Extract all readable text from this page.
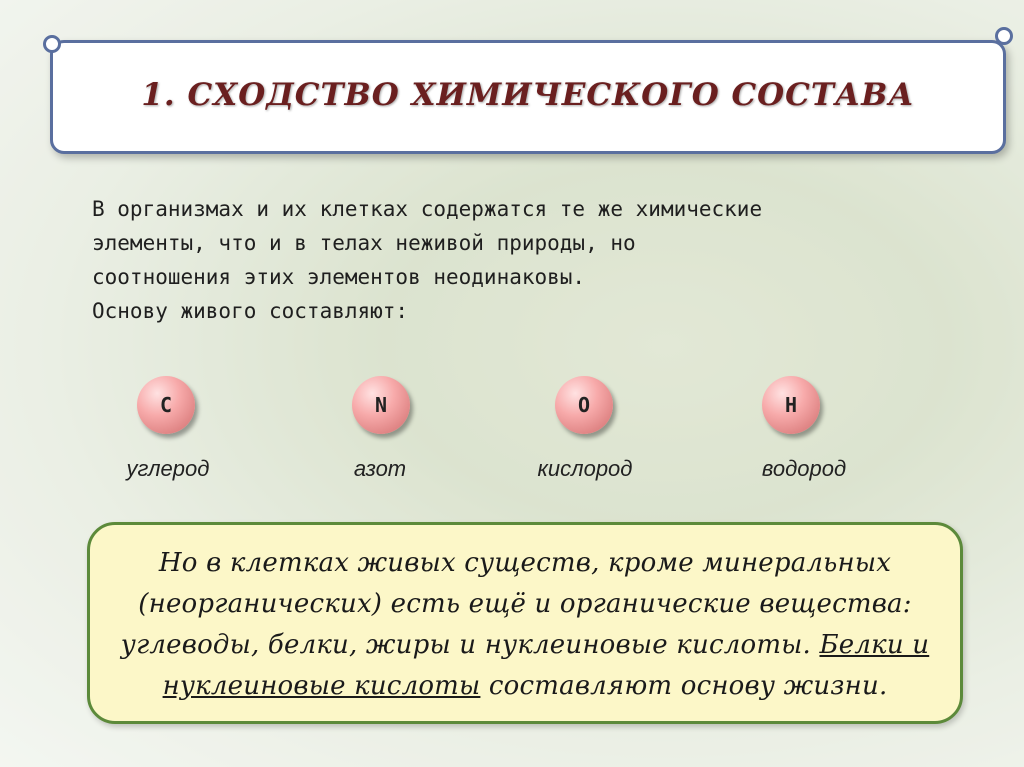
1. СХОДСТВО ХИМИЧЕСКОГО СОСТАВА

В организмах и их клетках содержатся те же химические

элементы, что и в телах неживой природы, но

соотношения этих элементов неодинаковы.

Основу живого составляют:

C	N	O	H
углерод	азот	кислород	водород
Но в клетках живых существ, кроме минеральных (неорганических) есть ещё и органические вещества: углеводы, белки, жиры и нуклеиновые кислоты. Белки и нуклеиновые кислоты составляют основу жизни.
